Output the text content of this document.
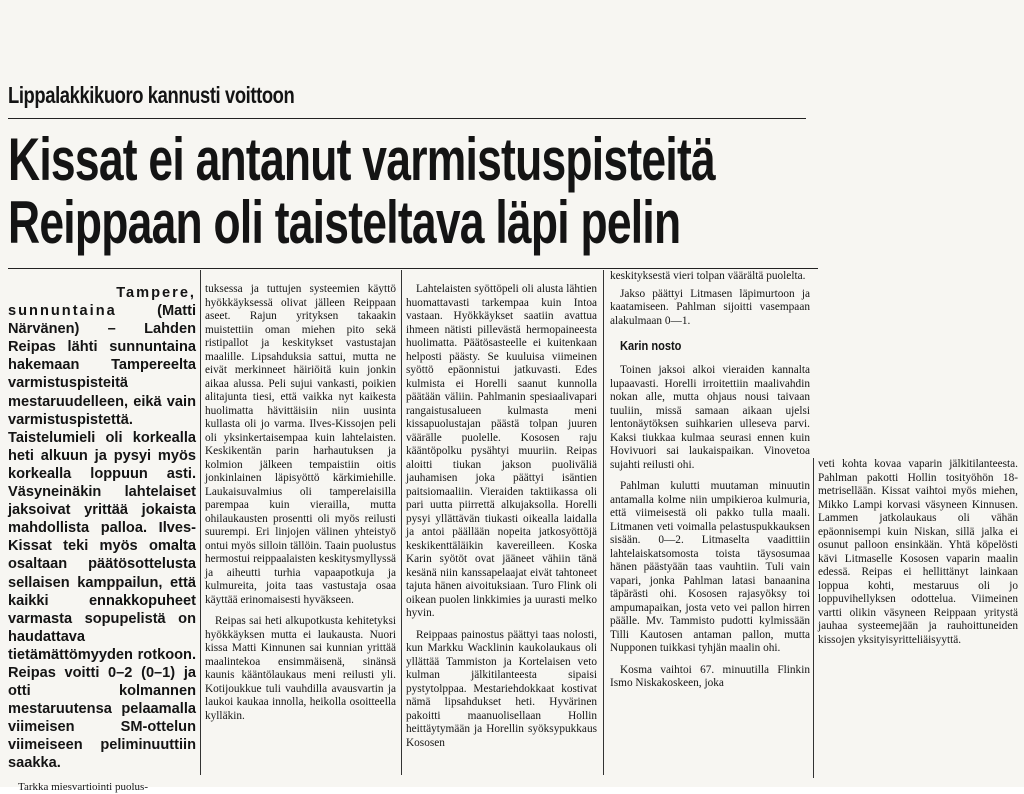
Lippalakkikuoro kannusti voittoon
Kissat ei antanut varmistuspisteitä
Reippaan oli taisteltava läpi pelin
Tampere, sunnuntaina (Matti Närvänen) – Lahden Reipas lähti sunnuntaina hakemaan Tampereelta varmistuspisteitä mestaruudelleen, eikä vain varmistuspistettä. Taistelumieli oli korkealla heti alkuun ja pysyi myös korkealla loppuun asti. Väsyneinäkin lahtelaiset jaksoivat yrittää jokaista mahdollista palloa. Ilves-Kissat teki myös omalta osaltaan päätösottelusta sellaisen kamppailun, että kaikki ennakkopuheet varmasta sopupelistä on haudattava tietämättömyyden rotkoon. Reipas voitti 0–2 (0–1) ja otti kolmannen mestaruutensa pelaamalla viimeisen SM-ottelun viimeiseen peliminuuttiin saakka.
Tarkka miesvartiointi puolus-

tuksessa ja tuttujen systeemien käyttö hyökkäyksessä olivat jälleen Reippaan aseet. Rajun yrityksen takaakin muistettiin oman miehen pito sekä ristipallot ja keskitykset vastustajan maalille. Lipsahduksia sattui, mutta ne eivät merkinneet häiriöitä kuin jonkin aikaa alussa. Peli sujui vankasti, poikien alitajunta tiesi, että vaikka nyt kaikesta huolimatta hävittäisiin niin uusinta kullasta oli jo varma. Ilves-Kissojen peli oli yksinkertaisempaa kuin lahtelaisten. Keskikentän parin harhautuksen ja kolmion jälkeen tempaistiin oitis jonkinlainen läpisyöttö kärkimiehille. Laukaisuvalmius oli tamperelaisilla parempaa kuin vierailla, mutta ohilaukausten prosentti oli myös reilusti suurempi. Eri linjojen välinen yhteistyö ontui myös silloin tällöin. Taain puolustus hermostui reippaalaisten keskitysmyllyssä ja aiheutti turhia vapaapotkuja ja kulmureita, joita taas vastustaja osaa käyttää erinomaisesti hyväkseen.

Reipas sai heti alkupotkusta kehitetyksi hyökkäyksen mutta ei laukausta. Nuori kissa Matti Kinnunen sai kunnian yrittää maalintekoa ensimmäisenä, sinänsä kaunis kääntölaukaus meni reilusti yli. Kotijoukkue tuli vauhdilla avausvartin ja laukoi kaukaa innolla, heikolla osoitteella kylläkin.

Lahtelaisten syöttöpeli oli alusta lähtien huomattavasti tarkempaa kuin Intoa vastaan. Hyökkäykset saatiin avattua ihmeen nätisti pillevästä hermopaineesta huolimatta. Päätösasteelle ei kuitenkaan helposti päästy. Se kuuluisa viimeinen syöttö epäonnistui jatkuvasti. Edes kulmista ei Horelli saanut kunnolla päätään väliin. Pahlmanin spesiaalivapari rangaistusalueen kulmasta meni kissapuolustajan päästä tolpan juuren väärälle puolelle. Kososen raju kääntöpolku pysähtyi muuriin. Reipas aloitti tiukan jakson puoliväliä jauhamisen joka päättyi isäntien paitsiomaaliin. Vieraiden taktiikassa oli pari uutta piirrettä alkujaksolla. Horelli pysyi yllättävän tiukasti oikealla laidalla ja antoi päällään nopeita jatkosyöttöjä keskikenttäläikin kavereilleen. Koska Karin syötöt ovat jääneet vähiin tänä kesänä niin kanssapelaajat eivät tahtoneet tajuta hänen aivoituksiaan. Turo Flink oli oikean puolen linkkimies ja uurasti melko hyvin.

Reippaas painostus päättyi taas nolosti, kun Markku Wacklinin kaukolaukaus oli yllättää Tammiston ja Kortelaisen veto kulman jälkitilanteesta sipaisi pystytolppaa. Mestariehdokkaat kostivat nämä lipsahdukset heti. Hyvärinen pakoitti maanuolisellaan Hollin heittäytymään ja Horellin syöksypukkaus Kososen

keskityksestä vieri tolpan väärältä puolelta.

Jakso päättyi Litmasen läpimurtoon ja kaatamiseen. Pahlman sijoitti vasempaan alakulmaan 0—1.

Karin nosto

Toinen jaksoi alkoi vieraiden kannalta lupaavasti. Horelli irroitettiin maalivahdin nokan alle, mutta ohjaus nousi taivaan tuuliin, missä samaan aikaan ujelsi lentonäytöksen suihkarien ulleseva parvi. Kaksi tiukkaa kulmaa seurasi ennen kuin Hovivuori sai laukaispaikan. Vinovetoa sujahti reilusti ohi.

Pahlman kulutti muutaman minuutin antamalla kolme niin umpikieroa kulmuria, että viimeisestä oli pakko tulla maali. Litmanen veti voimalla pelastuspukkauksen sisään. 0—2. Litmaselta vaadittiin lahtelaiskatsomosta toista täysosumaa hänen päästyään taas vauhtiin. Tuli vain vapari, jonka Pahlman latasi banaanina täpärästi ohi. Kososen rajasyöksy toi ampumapaikan, josta veto vei pallon hirren päälle. Mv. Tammisto pudotti kylmissään Tilli Kautosen antaman pallon, mutta Nupponen tuikkasi tyhjän maalin ohi.

Kosma vaihtoi 67. minuutilla Flinkin Ismo Niskakoskeen, joka

veti kohta kovaa vaparin jälkitilanteesta. Pahlman pakotti Hollin tosityöhön 18-metrisellään. Kissat vaihtoi myös miehen, Mikko Lampi korvasi väsyneen Kinnusen. Lammen jatkolaukaus oli vähän epäonnisempi kuin Niskan, sillä jalka ei osunut palloon ensinkään. Yhtä köpelösti kävi Litmaselle Kososen vaparin maalin edessä. Reipas ei hellittänyt lainkaan loppua kohti, mestaruus oli jo loppuvihellyksen odottelua. Viimeinen vartti olikin väsyneen Reippaan yritystä jauhaa systeemejään ja rauhoittuneiden kissojen yksityisyritteliäisyyttä.
